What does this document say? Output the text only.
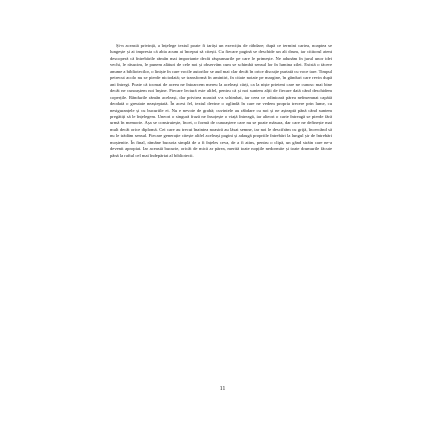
Și-n această privință, a înțelege textul poate fi iarăși un exercițiu de răbdare; după ce termini cartea, noaptea se lungește și ai impresia că abia acum ai început să citești. Cu fiecare pagină se deschide un alt drum, iar cititorul atent descoperă că întrebările rămân mai importante decât răspunsurile pe care le primește. Ne adunăm în jurul unor idei vechi, le răsucim, le punem alături de cele noi și observăm cum se schimbă sensul lor în lumina zilei. Există o tăcere anume a bibliotecilor, o liniște în care vocile autorilor se aud mai clar decât în orice discuție purtată cu voce tare. Timpul petrecut acolo nu se pierde niciodată; se transformă în amintiri, în citate notate pe margine, în gânduri care revin după ani întregi. Poate că tocmai de aceea ne întoarcem mereu la aceleași cărți, ca la niște prieteni care ne cunosc mai bine decât ne cunoaștem noi înșine. Fiecare lectură este altfel, pentru că și noi suntem alții de fiecare dată când deschidem coperțile. Rândurile rămân aceleași, dar privirea noastră s-a schimbat, iar ceea ce odinioară părea neînsemnat capătă deodată o greutate neașteptată. În acest fel, textul devine o oglindă în care ne vedem propria trecere prin lume, cu nesiguranțele și cu bucuriile ei. Nu e nevoie de grabă; cuvintele au răbdare cu noi și ne așteaptă până când suntem pregătiți să le înțelegem. Uneori o singură frază ne însoțește o viață întreagă, iar alteori o carte întreagă se pierde fără urmă în memorie. Așa se construiește, încet, o formă de cunoaștere care nu se poate măsura, dar care ne definește mai mult decât orice diplomă. Cei care au trecut înaintea noastră au lăsat semne, iar noi le descifrăm cu grijă, încercând să nu le trădăm sensul. Fiecare generație citește altfel aceleași pagini și adaugă propriile întrebări la lungul șir de întrebări moștenite. În final, rămâne bucuria simplă de a fi înțeles ceva, de a fi atins, pentru o clipă, un gând străin care ne-a devenit apropiat. Iar această bucurie, oricât de mică ar părea, merită toate nopțile nedormite și toate drumurile făcute până la raftul cel mai îndepărtat al bibliotecii.

11
